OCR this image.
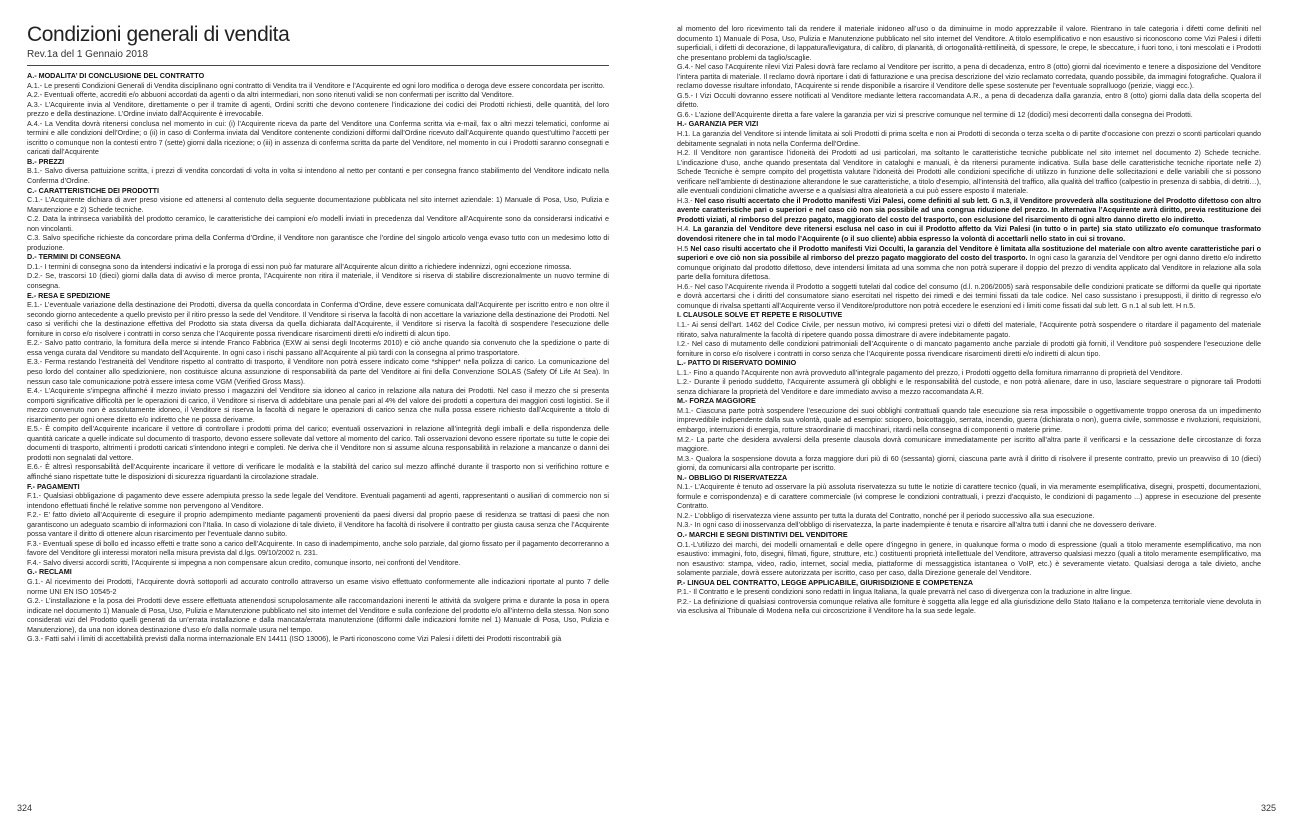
Condizioni generali di vendita

Rev.1a del 1 Gennaio 2018

A.- MODALITA’ DI CONCLUSIONE DEL CONTRATTO

A.1.- Le presenti Condizioni Generali di Vendita disciplinano ogni contratto di Vendita tra il Venditore e l’Acquirente ed ogni loro modifica o deroga deve essere concordata per iscritto.

A.2.- Eventuali offerte, accrediti e/o abbuoni accordati da agenti o da altri intermediari, non sono ritenuti validi se non confermati per iscritto dal Venditore.

A.3.- L’Acquirente invia al Venditore, direttamente o per il tramite di agenti, Ordini scritti che devono contenere l’indicazione dei codici dei Prodotti richiesti, delle quantità, del loro prezzo e della destinazione. L’Ordine inviato dall’Acquirente è irrevocabile.

A.4.- La Vendita dovrà ritenersi conclusa nel momento in cui: (i) l’Acquirente riceva da parte del Venditore una Conferma scritta via e-mail, fax o altri mezzi telematici, conforme ai termini e alle condizioni dell’Ordine; o (ii) in caso di Conferma inviata dal Venditore contenente condizioni difformi dall’Ordine ricevuto dall’Acquirente quando quest’ultimo l’accetti per iscritto o comunque non la contesti entro 7 (sette) giorni dalla ricezione; o (iii) in assenza di conferma scritta da parte del Venditore, nel momento in cui i Prodotti saranno consegnati e caricati dall’Acquirente

B.- PREZZI

B.1.- Salvo diversa pattuizione scritta, i prezzi di vendita concordati di volta in volta si intendono al netto per contanti e per consegna franco stabilimento del Venditore indicato nella Conferma d’Ordine.

C.- CARATTERISTICHE DEI PRODOTTI

C.1.- L’Acquirente dichiara di aver preso visione ed attenersi al contenuto della seguente documentazione pubblicata nel sito internet aziendale: 1) Manuale di Posa, Uso, Pulizia e Manutenzione e 2) Schede tecniche.

C.2. Data la intrinseca variabilità del prodotto ceramico, le caratteristiche dei campioni e/o modelli inviati in precedenza dal Venditore all’Acquirente sono da considerarsi indicativi e non vincolanti.

C.3. Salvo specifiche richieste da concordare prima della Conferma d’Ordine, il Venditore non garantisce che l’ordine del singolo articolo venga evaso tutto con un medesimo lotto di produzione.

D.- TERMINI DI CONSEGNA

D.1.- I termini di consegna sono da intendersi indicativi e la proroga di essi non può far maturare all’Acquirente alcun diritto a richiedere indennizzi, ogni eccezione rimossa.

D.2.- Se, trascorsi 10 (dieci) giorni dalla data di avviso di merce pronta, l’Acquirente non ritira il materiale, il Venditore si riserva di stabilire discrezionalmente un nuovo termine di consegna.

E.- RESA E SPEDIZIONE

E.1.- L’eventuale variazione della destinazione dei Prodotti, diversa da quella concordata in Conferma d’Ordine, deve essere comunicata dall’Acquirente per iscritto entro e non oltre il secondo giorno antecedente a quello previsto per il ritiro presso la sede del Venditore. Il Venditore si riserva la facoltà di non accettare la variazione della destinazione dei Prodotti. Nel caso si verifichi che la destinazione effettiva del Prodotto sia stata diversa da quella dichiarata dall’Acquirente, il Venditore si riserva la facoltà di sospendere l’esecuzione delle forniture in corso e/o risolvere i contratti in corso senza che l’Acquirente possa rivendicare risarcimenti diretti e/o indiretti di alcun tipo.

E.2.- Salvo patto contrario, la fornitura della merce si intende Franco Fabbrica (EXW ai sensi degli Incoterms 2010) e ciò anche quando sia convenuto che la spedizione o parte di essa venga curata dal Venditore su mandato dell’Acquirente. In ogni caso i rischi passano all’Acquirente al più tardi con la consegna al primo trasportatore.

E.3.- Ferma restando l’estraneità del Venditore rispetto al contratto di trasporto, il Venditore non potrà essere indicato come *shipper* nella polizza di carico. La comunicazione del peso lordo del container allo spedizioniere, non costituisce alcuna assunzione di responsabilità da parte del Venditore ai fini della Convenzione SOLAS (Safety Of Life At Sea). In nessun caso tale comunicazione potrà essere intesa come VGM (Verified Gross Mass).

E.4.- L’Acquirente s’impegna affinché il mezzo inviato presso i magazzini del Venditore sia idoneo al carico in relazione alla natura dei Prodotti. Nel caso il mezzo che si presenta comporti significative difficoltà per le operazioni di carico, il Venditore si riserva di addebitare una penale pari al 4% del valore dei prodotti a copertura dei maggiori costi logistici. Se il mezzo convenuto non è assolutamente idoneo, il Venditore si riserva la facoltà di negare le operazioni di carico senza che nulla possa essere richiesto dall’Acquirente a titolo di risarcimento per ogni onere diretto e/o indiretto che ne possa derivarne.

E.5.- È compito dell’Acquirente incaricare il vettore di controllare i prodotti prima del carico; eventuali osservazioni in relazione all’integrità degli imballi e della rispondenza delle quantità caricate a quelle indicate sul documento di trasporto, devono essere sollevate dal vettore al momento del carico. Tali osservazioni devono essere riportate su tutte le copie dei documenti di trasporto, altrimenti i prodotti caricati s’intendono integri e completi. Ne deriva che il Venditore non si assume alcuna responsabilità in relazione a mancanze o danni dei prodotti non segnalati dal vettore.

E.6.- È altresì responsabilità dell’Acquirente incaricare il vettore di verificare le modalità e la stabilità del carico sul mezzo affinché durante il trasporto non si verifichino rotture e affinché siano rispettate tutte le disposizioni di sicurezza riguardanti la circolazione stradale.

F.- PAGAMENTI

F.1.- Qualsiasi obbligazione di pagamento deve essere adempiuta presso la sede legale del Venditore. Eventuali pagamenti ad agenti, rappresentanti o ausiliari di commercio non si intendono effettuati finché le relative somme non pervengono al Venditore.

F.2.- E’ fatto divieto all’Acquirente di eseguire il proprio adempimento mediante pagamenti provenienti da paesi diversi dal proprio paese di residenza se trattasi di paesi che non garantiscono un adeguato scambio di informazioni con l’Italia. In caso di violazione di tale divieto, il Venditore ha facoltà di risolvere il contratto per giusta causa senza che l’Acquirente possa vantare il diritto di ottenere alcun risarcimento per l’eventuale danno subito.

F.3.- Eventuali spese di bollo ed incasso effetti e tratte sono a carico dell’Acquirente. In caso di inadempimento, anche solo parziale, dal giorno fissato per il pagamento decorreranno a favore del Venditore gli interessi moratori nella misura prevista dal d.lgs. 09/10/2002 n. 231.

F.4.- Salvo diversi accordi scritti, l’Acquirente si impegna a non compensare alcun credito, comunque insorto, nei confronti del Venditore.

G.- RECLAMI

G.1.- Al ricevimento dei Prodotti, l’Acquirente dovrà sottoporli ad accurato controllo attraverso un esame visivo effettuato conformemente alle indicazioni riportate al punto 7 delle norme UNI EN ISO 10545-2

G.2.- L’installazione e la posa dei Prodotti deve essere effettuata attenendosi scrupolosamente alle raccomandazioni inerenti le attività da svolgere prima e durante la posa in opera indicate nel documento 1) Manuale di Posa, Uso, Pulizia e Manutenzione pubblicato nel sito internet del Venditore e sulla confezione del prodotto e/o all’interno della stessa. Non sono considerati vizi del Prodotto quelli generati da un’errata installazione e dalla mancata/errata manutenzione (difformi dalle indicazioni fornite nel 1) Manuale di Posa, Uso, Pulizia e Manutenzione), da una non idonea destinazione d’uso e/o dalla normale usura nel tempo.

G.3.- Fatti salvi i limiti di accettabilità previsti dalla norma internazionale EN 14411 (ISO 13006), le Parti riconoscono come Vizi Palesi i difetti dei Prodotti riscontrabili già

324

al momento del loro ricevimento tali da rendere il materiale inidoneo all’uso o da diminuirne in modo apprezzabile il valore. Rientrano in tale categoria i difetti come definiti nel documento 1) Manuale di Posa, Uso, Pulizia e Manutenzione pubblicato nel sito internet del Venditore. A titolo esemplificativo e non esaustivo si riconoscono come Vizi Palesi i difetti superficiali, i difetti di decorazione, di lappatura/levigatura, di calibro, di planarità, di ortogonalità-rettilineità, di spessore, le crepe, le sbeccature, i fuori tono, i toni mescolati e i Prodotti che presentano problemi da taglio/scaglie.

G.4.- Nel caso l’Acquirente rilevi Vizi Palesi dovrà fare reclamo al Venditore per iscritto, a pena di decadenza, entro 8 (otto) giorni dal ricevimento e tenere a disposizione del Venditore l’intera partita di materiale. Il reclamo dovrà riportare i dati di fatturazione e una precisa descrizione del vizio reclamato corredata, quando possibile, da immagini fotografiche. Qualora il reclamo dovesse risultare infondato, l’Acquirente si rende disponibile a risarcire il Venditore delle spese sostenute per l’eventuale sopralluogo (perizie, viaggi ecc.).

G.5.- I Vizi Occulti dovranno essere notificati al Venditore mediante lettera raccomandata A.R., a pena di decadenza dalla garanzia, entro 8 (otto) giorni dalla data della scoperta del difetto.

G.6.- L’azione dell’Acquirente diretta a fare valere la garanzia per vizi si prescrive comunque nel termine di 12 (dodici) mesi decorrenti dalla consegna dei Prodotti.

H.- GARANZIA PER VIZI

H.1. La garanzia del Venditore si intende limitata ai soli Prodotti di prima scelta e non ai Prodotti di seconda o terza scelta o di partite d’occasione con prezzi o sconti particolari quando debitamente segnalati in nota nella Conferma dell’Ordine.

H.2. Il Venditore non garantisce l’idoneità dei Prodotti ad usi particolari, ma soltanto le caratteristiche tecniche pubblicate nel sito internet nel documento 2) Schede tecniche. L’indicazione d’uso, anche quando presentata dal Venditore in cataloghi e manuali, è da ritenersi puramente indicativa. Sulla base delle caratteristiche tecniche riportate nelle 2) Schede Tecniche è sempre compito del progettista valutare l’idoneità dei Prodotti alle condizioni specifiche di utilizzo in funzione delle sollecitazioni e delle variabili che si possono verificare nell’ambiente di destinazione alterandone le sue caratteristiche, a titolo d’esempio, all’intensità del traffico, alla qualità del traffico (calpestio in presenza di sabbia, di detriti…), alle eventuali condizioni climatiche avverse e a qualsiasi altra aleatorietà a cui può essere esposto il materiale.

H.3.- Nel caso risulti accertato che il Prodotto manifesti Vizi Palesi, come definiti al sub lett. G n.3, il Venditore provvederà alla sostituzione del Prodotto difettoso con altro avente caratteristiche pari o superiori e nel caso ciò non sia possibile ad una congrua riduzione del prezzo. In alternativa l’Acquirente avrà diritto, previa restituzione dei Prodotti viziati, al rimborso del prezzo pagato, maggiorato del costo del trasporto, con esclusione del risarcimento di ogni altro danno diretto e/o indiretto.

H.4. La garanzia del Venditore deve ritenersi esclusa nel caso in cui il Prodotto affetto da Vizi Palesi (in tutto o in parte) sia stato utilizzato e/o comunque trasformato dovendosi ritenere che in tal modo l’Acquirente (o il suo cliente) abbia espresso la volontà di accettarli nello stato in cui si trovano.

H.5 Nel caso risulti accertato che il Prodotto manifesti Vizi Occulti, la garanzia del Venditore è limitata alla sostituzione del materiale con altro avente caratteristiche pari o superiori e ove ciò non sia possibile al rimborso del prezzo pagato maggiorato del costo del trasporto. In ogni caso la garanzia del Venditore per ogni danno diretto e/o indiretto comunque originato dal prodotto difettoso, deve intendersi limitata ad una somma che non potrà superare il doppio del prezzo di vendita applicato dal Venditore in relazione alla sola parte della fornitura difettosa.

H.6.- Nel caso l’Acquirente rivenda il Prodotto a soggetti tutelati dal codice del consumo (d.l. n.206/2005) sarà responsabile delle condizioni praticate se difformi da quelle qui riportate e dovrà accertarsi che i diritti del consumatore siano esercitati nel rispetto dei rimedi e dei termini fissati da tale codice. Nel caso sussistano i presupposti, il diritto di regresso e/o comunque di rivalsa spettanti all’Acquirente verso il Venditore/produttore non potrà eccedere le esenzioni ed i limiti come fissati dal sub lett. G n.1 al sub lett. H n.5.

I. CLAUSOLE SOLVE ET REPETE E RISOLUTIVE

I.1.- Ai sensi dell’art. 1462 del Codice Civile, per nessun motivo, ivi compresi pretesi vizi o difetti del materiale, l’Acquirente potrà sospendere o ritardare il pagamento del materiale ritirato, salva naturalmente la facoltà di ripetere quando possa dimostrare di avere indebitamente pagato.

I.2.- Nel caso di mutamento delle condizioni patrimoniali dell’Acquirente o di mancato pagamento anche parziale di prodotti già forniti, il Venditore può sospendere l’esecuzione delle forniture in corso e/o risolvere i contratti in corso senza che l’Acquirente possa rivendicare risarcimenti diretti e/o indiretti di alcun tipo.

L.- PATTO DI RISERVATO DOMINIO

L.1.- Fino a quando l’Acquirente non avrà provveduto all’integrale pagamento del prezzo, i Prodotti oggetto della fornitura rimarranno di proprietà del Venditore.

L.2.- Durante il periodo suddetto, l’Acquirente assumerà gli obblighi e le responsabilità del custode, e non potrà alienare, dare in uso, lasciare sequestrare o pignorare tali Prodotti senza dichiarare la proprietà del Venditore e dare immediato avviso a mezzo raccomandata A.R.

M.- FORZA MAGGIORE

M.1.- Ciascuna parte potrà sospendere l’esecuzione dei suoi obblighi contrattuali quando tale esecuzione sia resa impossibile o oggettivamente troppo onerosa da un impedimento imprevedibile indipendente dalla sua volontà, quale ad esempio: sciopero, boicottaggio, serrata, incendio, guerra (dichiarata o non), guerra civile, sommosse e rivoluzioni, requisizioni, embargo, interruzioni di energia, rotture straordinarie di macchinari, ritardi nella consegna di componenti o materie prime.

M.2.- La parte che desidera avvalersi della presente clausola dovrà comunicare immediatamente per iscritto all’altra parte il verificarsi e la cessazione delle circostanze di forza maggiore.

M.3.- Qualora la sospensione dovuta a forza maggiore duri più di 60 (sessanta) giorni, ciascuna parte avrà il diritto di risolvere il presente contratto, previo un preavviso di 10 (dieci) giorni, da comunicarsi alla controparte per iscritto.

N.- OBBLIGO DI RISERVATEZZA

N.1.- L’Acquirente è tenuto ad osservare la più assoluta riservatezza su tutte le notizie di carattere tecnico (quali, in via meramente esemplificativa, disegni, prospetti, documentazioni, formule e corrispondenza) e di carattere commerciale (ivi comprese le condizioni contrattuali, i prezzi d’acquisto, le condizioni di pagamento ...) apprese in esecuzione del presente Contratto.

N.2.- L’obbligo di riservatezza viene assunto per tutta la durata del Contratto, nonché per il periodo successivo alla sua esecuzione.

N.3.- In ogni caso di inosservanza dell’obbligo di riservatezza, la parte inadempiente è tenuta e risarcire all’altra tutti i danni che ne dovessero derivare.

O.- MARCHI E SEGNI DISTINTIVI DEL VENDITORE

O.1.-L’utilizzo dei marchi, dei modelli ornamentali e delle opere d’ingegno in genere, in qualunque forma o modo di espressione (quali a titolo meramente esemplificativo, ma non esaustivo: immagini, foto, disegni, filmati, figure, strutture, etc.) costituenti proprietà intellettuale del Venditore, attraverso qualsiasi mezzo (quali a titolo meramente esemplificativo, ma non esaustivo: stampa, video, radio, internet, social media, piattaforme di messaggistica istantanea o VoIP, etc.) è severamente vietato. Qualsiasi deroga a tale divieto, anche solamente parziale, dovrà essere autorizzata per iscritto, caso per caso, dalla Direzione generale del Venditore.

P.- LINGUA DEL CONTRATTO, LEGGE APPLICABILE, GIURISDIZIONE E COMPETENZA

P.1.- Il Contratto e le presenti condizioni sono redatti in lingua Italiana, la quale prevarrà nel caso di divergenza con la traduzione in altre lingue.

P.2.- La definizione di qualsiasi controversia comunque relativa alle forniture è soggetta alla legge ed alla giurisdizione dello Stato Italiano e la competenza territoriale viene devoluta in via esclusiva al Tribunale di Modena nella cui circoscrizione il Venditore ha la sua sede legale.

325
